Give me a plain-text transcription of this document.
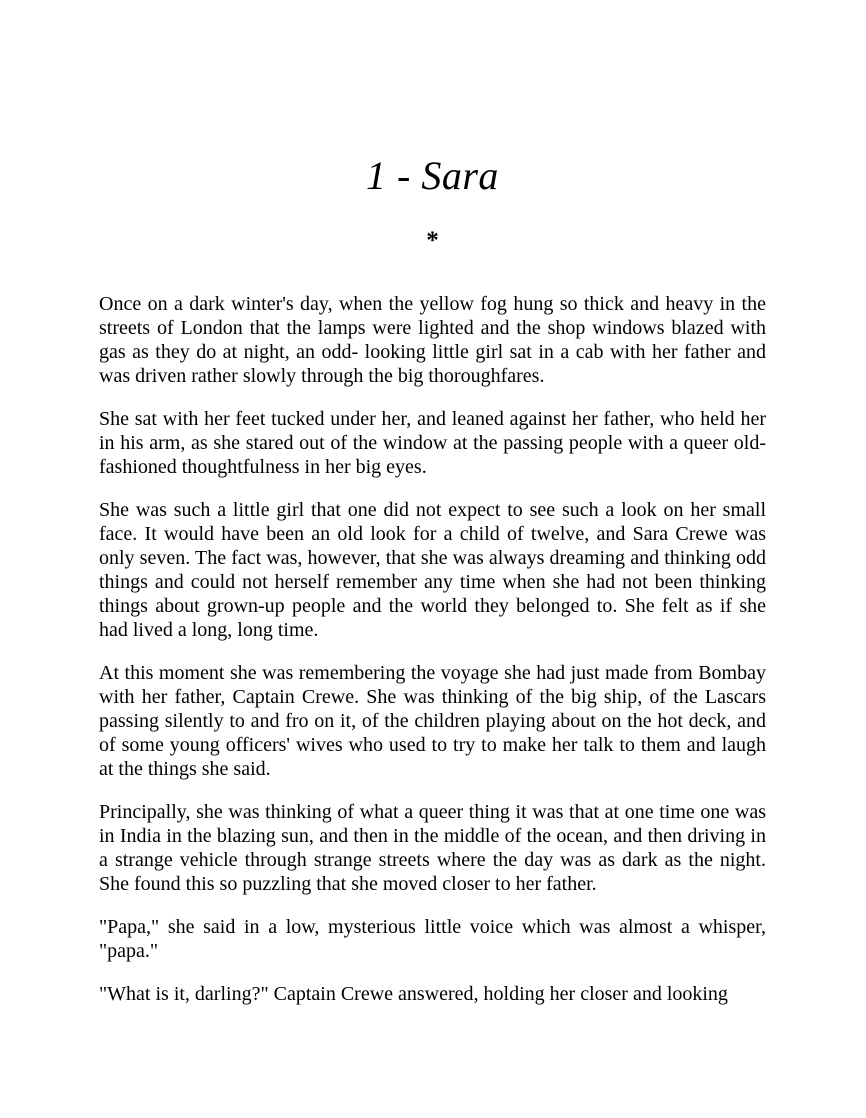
1 - Sara
*

Once on a dark winter's day, when the yellow fog hung so thick and heavy in the streets of London that the lamps were lighted and the shop windows blazed with gas as they do at night, an odd- looking little girl sat in a cab with her father and was driven rather slowly through the big thoroughfares.

She sat with her feet tucked under her, and leaned against her father, who held her in his arm, as she stared out of the window at the passing people with a queer old-fashioned thoughtfulness in her big eyes.

She was such a little girl that one did not expect to see such a look on her small face. It would have been an old look for a child of twelve, and Sara Crewe was only seven. The fact was, however, that she was always dreaming and thinking odd things and could not herself remember any time when she had not been thinking things about grown-up people and the world they belonged to. She felt as if she had lived a long, long time.

At this moment she was remembering the voyage she had just made from Bombay with her father, Captain Crewe. She was thinking of the big ship, of the Lascars passing silently to and fro on it, of the children playing about on the hot deck, and of some young officers' wives who used to try to make her talk to them and laugh at the things she said.

Principally, she was thinking of what a queer thing it was that at one time one was in India in the blazing sun, and then in the middle of the ocean, and then driving in a strange vehicle through strange streets where the day was as dark as the night. She found this so puzzling that she moved closer to her father.

"Papa," she said in a low, mysterious little voice which was almost a whisper, "papa."

"What is it, darling?" Captain Crewe answered, holding her closer and looking
